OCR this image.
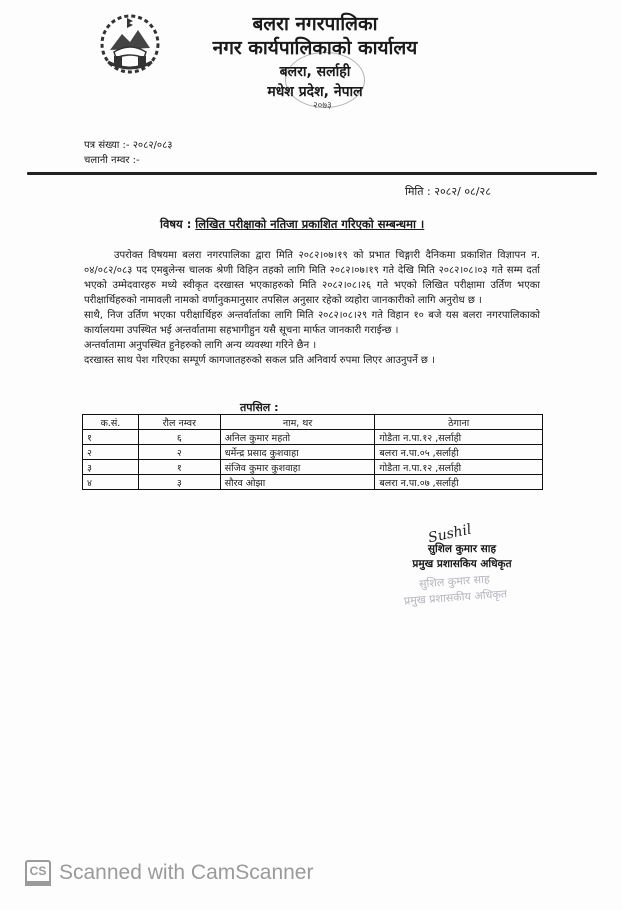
बलरा नगरपालिका
नगर कार्यपालिकाको कार्यालय
बलरा, सर्लाही
मधेश प्रदेश, नेपाल
२०७३
पत्र संख्या :- २०८२/०८३
चलानी नम्वर :-
मिति : २०८२/ ०८/२८
विषय : लिखित परीक्षाको नतिजा प्रकाशित गरिएको सम्बन्धमा ।

उपरोक्त विषयमा बलरा नगरपालिका द्वारा मिति २०८२।०७।१९ को प्रभात चिङ्गारी दैनिकमा प्रकाशित विज्ञापन न. ०४/०८२/०८३ पद एमबुलेन्स चालक श्रेणी विहिन तहको लागि मिति २०८२।०७।१९ गते देखि मिति २०८२।०८।०३ गते सम्म दर्ता भएको उम्मेदवारहरु मध्ये स्वीकृत दरखास्त भएकाहरुको मिति २०८२।०८।२६ गते भएको लिखित परीक्षामा उर्तिण भएका परीक्षार्थिहरुको नामावली नामको वर्णानुकमानुसार तपसिल अनुसार रहेको व्यहोरा जानकारीको लागि अनुरोध छ ।

साथै, निज उर्तिण भएका परीक्षार्थिहरु अन्तर्वार्ताका लागि मिति २०८२।०८।२९ गते विहान १० बजे यस बलरा नगरपालिकाको कार्यालयमा उपस्थित भई अन्तर्वातामा सहभागीहुन यसै सूचना मार्फत जानकारी गराईन्छ ।

अन्तर्वातामा अनुपस्थित हुनेहरुको लागि अन्य व्यवस्था गरिने छैन ।

दरखास्त साथ पेश गरिएका सम्पूर्ण कागजातहरुको सकल प्रति अनिवार्य रुपमा लिएर आउनुपर्ने छ ।

तपसिल :
क.सं.	रौल नम्वर	नाम, थर	ठेगाना
१	६	अनिल कुमार महतो	गोडैता न.पा.१२ ,सर्लाही
२	२	धर्मेन्द्र प्रसाद कुशवाहा	बलरा न.पा.०५ ,सर्लाही
३	१	संजिव कुमार कुशवाहा	गोडैता न.पा.१२ ,सर्लाही
४	३	सौरव ओझा	बलरा न.पा.०७ ,सर्लाही
Sushil
सुशिल कुमार साह
प्रमुख प्रशासकिय अधिकृत
सुशिल कुमार साह
प्रमुख प्रशासकीय अधिकृत
CS Scanned with CamScanner
